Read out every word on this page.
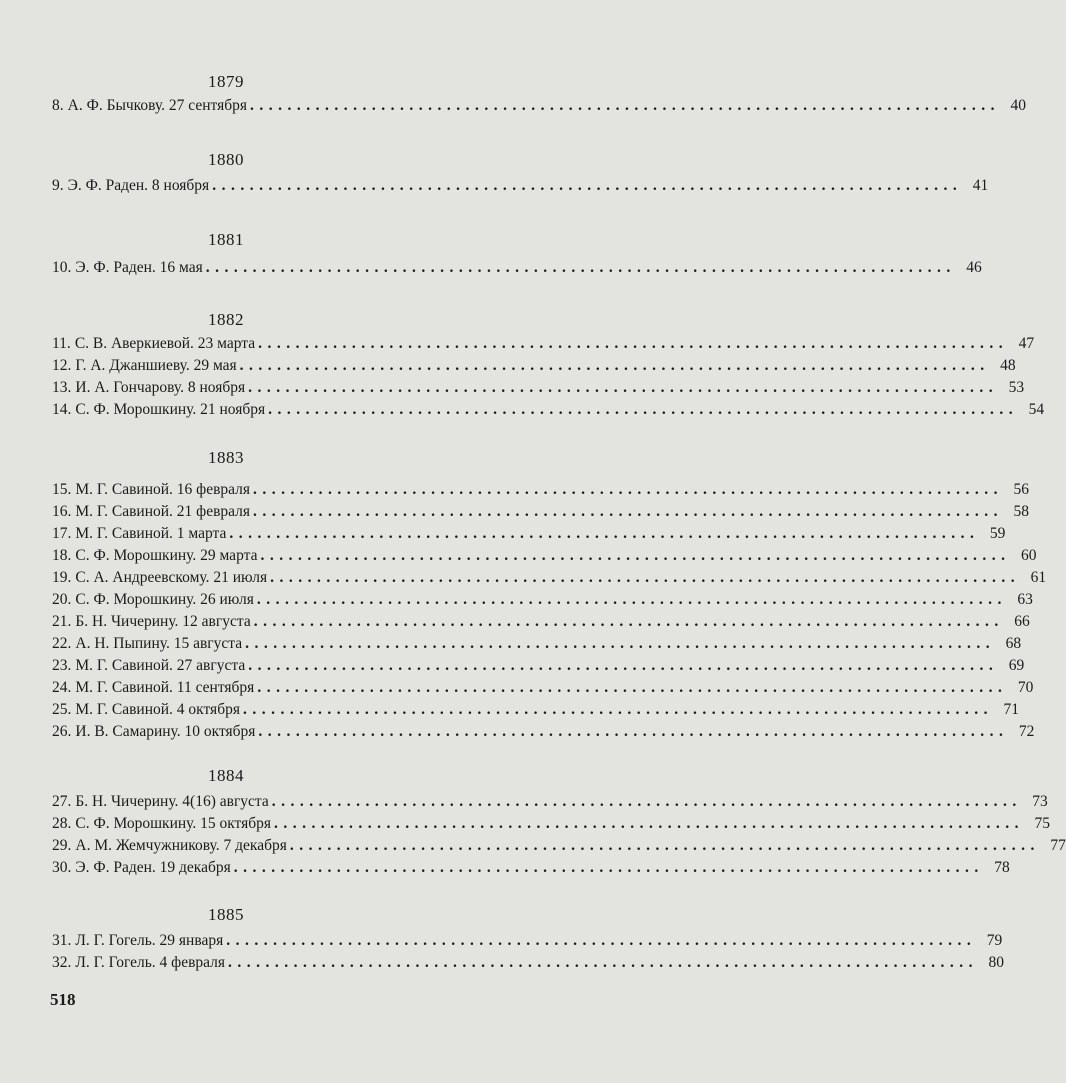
1879
8. А. Ф. Бычкову. 27 сентября ................................................................................ 40
1880
9. Э. Ф. Раден. 8 ноября ................................................................................ 41
1881
10. Э. Ф. Раден. 16 мая ................................................................................ 46
1882
11. С. В. Аверкиевой. 23 марта ................................................................................ 47
12. Г. А. Джаншиеву. 29 мая ................................................................................ 48
13. И. А. Гончарову. 8 ноября ................................................................................ 53
14. С. Ф. Морошкину. 21 ноября ................................................................................ 54
1883
15. М. Г. Савиной. 16 февраля ................................................................................ 56
16. М. Г. Савиной. 21 февраля ................................................................................ 58
17. М. Г. Савиной. 1 марта ................................................................................ 59
18. С. Ф. Морошкину. 29 марта ................................................................................ 60
19. С. А. Андреевскому. 21 июля ................................................................................ 61
20. С. Ф. Морошкину. 26 июля ................................................................................ 63
21. Б. Н. Чичерину. 12 августа ................................................................................ 66
22. А. Н. Пыпину. 15 августа ................................................................................ 68
23. М. Г. Савиной. 27 августа ................................................................................ 69
24. М. Г. Савиной. 11 сентября ................................................................................ 70
25. М. Г. Савиной. 4 октября ................................................................................ 71
26. И. В. Самарину. 10 октября ................................................................................ 72
1884
27. Б. Н. Чичерину. 4(16) августа ................................................................................ 73
28. С. Ф. Морошкину. 15 октября ................................................................................ 75
29. А. М. Жемчужникову. 7 декабря ................................................................................ 77
30. Э. Ф. Раден. 19 декабря ................................................................................ 78
1885
31. Л. Г. Гогель. 29 января ................................................................................ 79
32. Л. Г. Гогель. 4 февраля ................................................................................ 80
518
